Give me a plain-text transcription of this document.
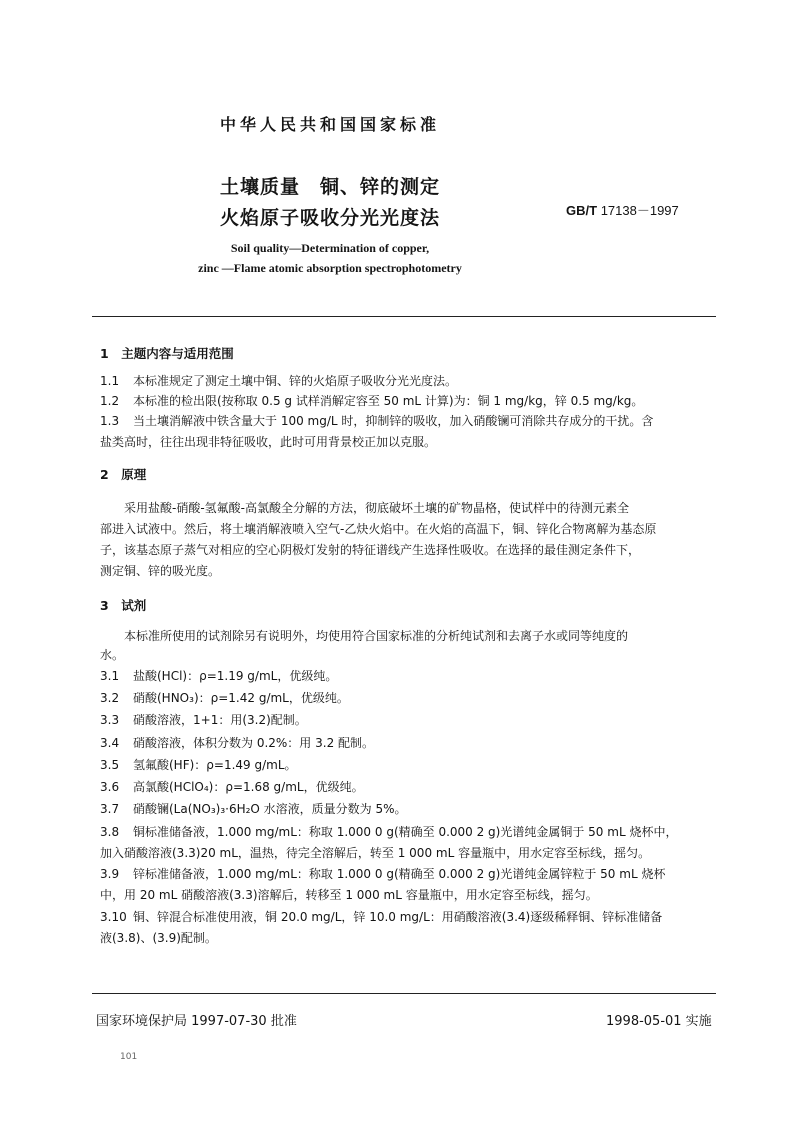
中华人民共和国国家标准
土壤质量　铜、锌的测定
火焰原子吸收分光光度法	GB/T 17138－1997
Soil quality—Determination of copper,
zinc —Flame atomic absorption spectrophotometry
1　主题内容与适用范围
1.1 本标准规定了测定土壤中铜、锌的火焰原子吸收分光光度法。
1.2 本标准的检出限(按称取 0.5 g 试样消解定容至 50 mL 计算)为：铜 1 mg/kg，锌 0.5 mg/kg。
1.3 当土壤消解液中铁含量大于 100 mg/L 时，抑制锌的吸收，加入硝酸镧可消除共存成分的干扰。含
盐类高时，往往出现非特征吸收，此时可用背景校正加以克服。
2　原理
采用盐酸-硝酸-氢氟酸-高氯酸全分解的方法，彻底破坏土壤的矿物晶格，使试样中的待测元素全
部进入试液中。然后，将土壤消解液喷入空气-乙炔火焰中。在火焰的高温下，铜、锌化合物离解为基态原
子，该基态原子蒸气对相应的空心阴极灯发射的特征谱线产生选择性吸收。在选择的最佳测定条件下，
测定铜、锌的吸光度。
3　试剂
本标准所使用的试剂除另有说明外，均使用符合国家标准的分析纯试剂和去离子水或同等纯度的
水。
3.1 盐酸(HCl)：ρ=1.19 g/mL，优级纯。
3.2 硝酸(HNO₃)：ρ=1.42 g/mL，优级纯。
3.3 硝酸溶液，1+1：用(3.2)配制。
3.4 硝酸溶液，体积分数为 0.2%：用 3.2 配制。
3.5 氢氟酸(HF)：ρ=1.49 g/mL。
3.6 高氯酸(HClO₄)：ρ=1.68 g/mL，优级纯。
3.7 硝酸镧(La(NO₃)₃·6H₂O 水溶液，质量分数为 5%。
3.8 铜标准储备液，1.000 mg/mL：称取 1.000 0 g(精确至 0.000 2 g)光谱纯金属铜于 50 mL 烧杯中，
加入硝酸溶液(3.3)20 mL，温热，待完全溶解后，转至 1 000 mL 容量瓶中，用水定容至标线，摇匀。
3.9 锌标准储备液，1.000 mg/mL：称取 1.000 0 g(精确至 0.000 2 g)光谱纯金属锌粒于 50 mL 烧杯
中，用 20 mL 硝酸溶液(3.3)溶解后，转移至 1 000 mL 容量瓶中，用水定容至标线，摇匀。
3.10 铜、锌混合标准使用液，铜 20.0 mg/L，锌 10.0 mg/L：用硝酸溶液(3.4)逐级稀释铜、锌标准储备
液(3.8)、(3.9)配制。
国家环境保护局 1997-07-30 批准	1998-05-01 实施
101
